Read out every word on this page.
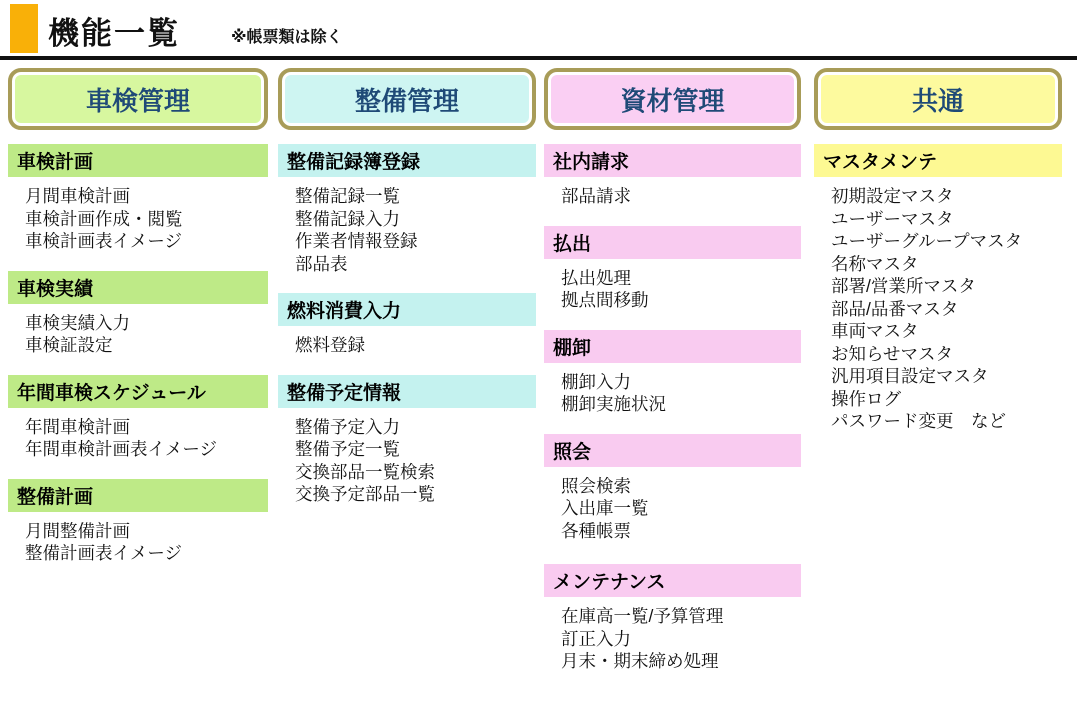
機能一覧	※帳票類は除く
車検管理
車検計画
月間車検計画
車検計画作成・閲覧
車検計画表イメージ
車検実績
車検実績入力
車検証設定
年間車検スケジュール
年間車検計画
年間車検計画表イメージ
整備計画
月間整備計画
整備計画表イメージ
整備管理
整備記録簿登録
整備記録一覧
整備記録入力
作業者情報登録
部品表
燃料消費入力
燃料登録
整備予定情報
整備予定入力
整備予定一覧
交換部品一覧検索
交換予定部品一覧
資材管理
社内請求
部品請求
払出
払出処理
拠点間移動
棚卸
棚卸入力
棚卸実施状況
照会
照会検索
入出庫一覧
各種帳票
メンテナンス
在庫高一覧/予算管理
訂正入力
月末・期末締め処理
共通
マスタメンテ
初期設定マスタ
ユーザーマスタ
ユーザーグループマスタ
名称マスタ
部署/営業所マスタ
部品/品番マスタ
車両マスタ
お知らせマスタ
汎用項目設定マスタ
操作ログ
パスワード変更　など
